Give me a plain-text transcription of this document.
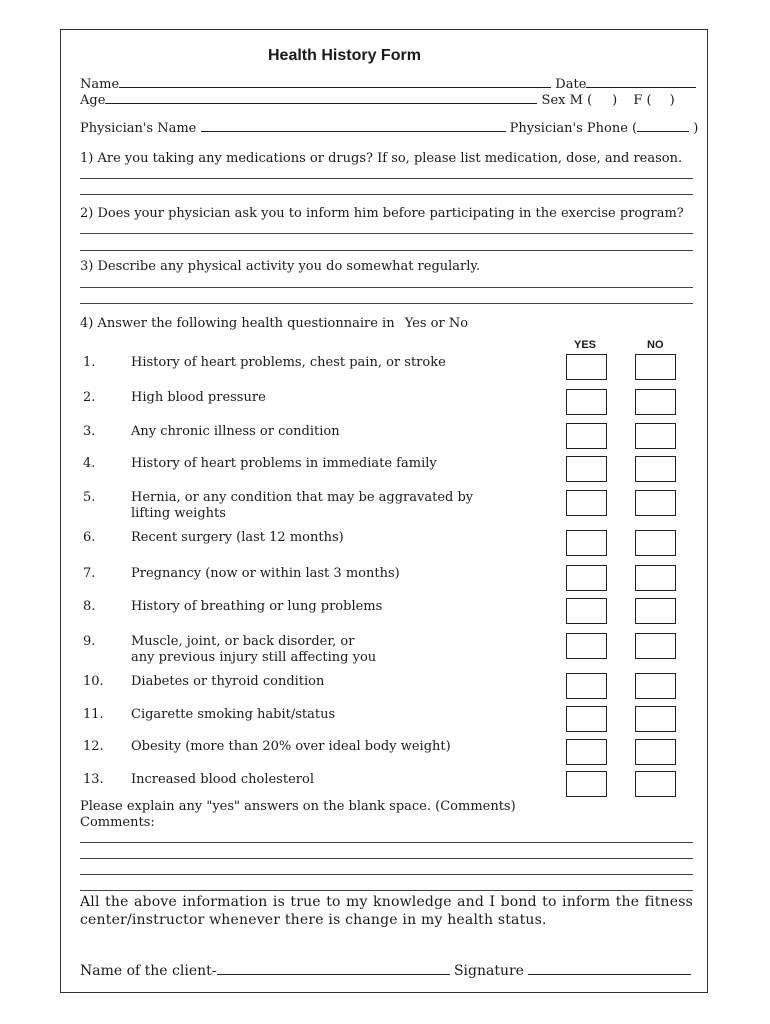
Health History Form
Name	Date
Age	Sex M ( ) F ( )
Physician's Name	Physician's Phone (	)
1) Are you taking any medications or drugs? If so, please list medication, dose, and reason.
2) Does your physician ask you to inform him before participating in the exercise program?
3) Describe any physical activity you do somewhat regularly.
4) Answer the following health questionnaire in Yes or No
YES	NO
1.	History of heart problems, chest pain, or stroke
2.	High blood pressure
3.	Any chronic illness or condition
4.	History of heart problems in immediate family
5.	Hernia, or any condition that may be aggravated by
lifting weights
6.	Recent surgery (last 12 months)
7.	Pregnancy (now or within last 3 months)
8.	History of breathing or lung problems
9.	Muscle, joint, or back disorder, or
any previous injury still affecting you
10. Diabetes or thyroid condition
11. Cigarette smoking habit/status
12. Obesity (more than 20% over ideal body weight)
13. Increased blood cholesterol
Please explain any "yes" answers on the blank space. (Comments)
Comments:
All the above information is true to my knowledge and I bond to inform the fitness center/instructor whenever there is change in my health status.
Name of the client-	Signature
